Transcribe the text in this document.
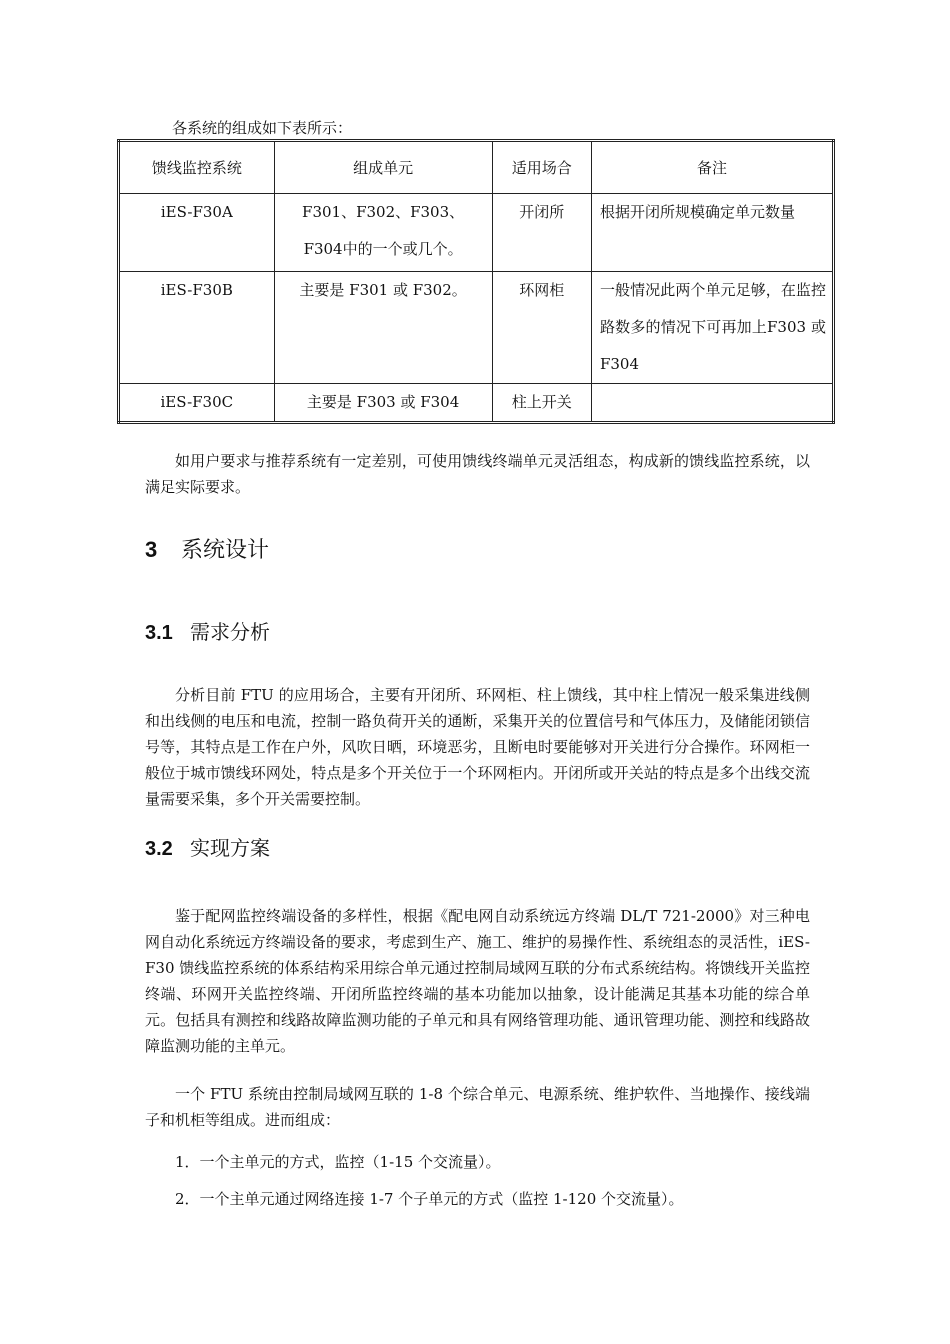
各系统的组成如下表所示：
馈线监控系统	组成单元	适用场合	备注
iES-F30A	F301、F302、F303、F304中的一个或几个。	开闭所	根据开闭所规模确定单元数量
iES-F30B	主要是 F301 或 F302。	环网柜	一般情况此两个单元足够，在监控路数多的情况下可再加上F303 或 F304
iES-F30C	主要是 F303 或 F304	柱上开关	
如用户要求与推荐系统有一定差别，可使用馈线终端单元灵活组态，构成新的馈线监控系统，以满足实际要求。
3 系统设计
3.1 需求分析
分析目前 FTU 的应用场合，主要有开闭所、环网柜、柱上馈线，其中柱上情况一般采集进线侧和出线侧的电压和电流，控制一路负荷开关的通断，采集开关的位置信号和气体压力，及储能闭锁信号等，其特点是工作在户外，风吹日晒，环境恶劣，且断电时要能够对开关进行分合操作。环网柜一般位于城市馈线环网处，特点是多个开关位于一个环网柜内。开闭所或开关站的特点是多个出线交流量需要采集，多个开关需要控制。
3.2 实现方案
鉴于配网监控终端设备的多样性，根据《配电网自动系统远方终端 DL/T 721-2000》对三种电网自动化系统远方终端设备的要求，考虑到生产、施工、维护的易操作性、系统组态的灵活性，iES-F30 馈线监控系统的体系结构采用综合单元通过控制局域网互联的分布式系统结构。将馈线开关监控终端、环网开关监控终端、开闭所监控终端的基本功能加以抽象，设计能满足其基本功能的综合单元。包括具有测控和线路故障监测功能的子单元和具有网络管理功能、通讯管理功能、测控和线路故障监测功能的主单元。
一个 FTU 系统由控制局域网互联的 1-8 个综合单元、电源系统、维护软件、当地操作、接线端子和机柜等组成。进而组成：
1．一个主单元的方式，监控（1-15 个交流量）。
2．一个主单元通过网络连接 1-7 个子单元的方式（监控 1-120 个交流量）。
